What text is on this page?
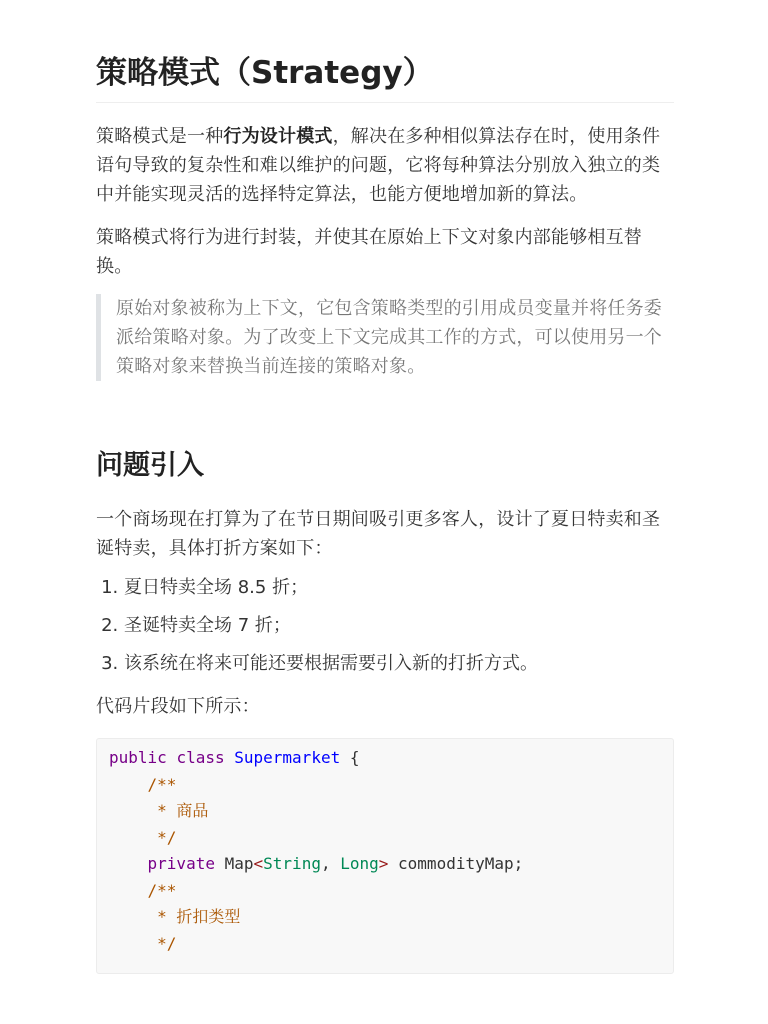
策略模式（Strategy）

策略模式是一种行为设计模式，解决在多种相似算法存在时，使用条件语句导致的复杂性和难以维护的问题，它将每种算法分别放入独立的类中并能实现灵活的选择特定算法，也能方便地增加新的算法。

策略模式将行为进行封装，并使其在原始上下文对象内部能够相互替换。

原始对象被称为上下文，它包含策略类型的引用成员变量并将任务委派给策略对象。为了改变上下文完成其工作的方式，可以使用另一个策略对象来替换当前连接的策略对象。

问题引入

一个商场现在打算为了在节日期间吸引更多客人，设计了夏日特卖和圣诞特卖，具体打折方案如下：

1. 夏日特卖全场 8.5 折；
2. 圣诞特卖全场 7 折；
3. 该系统在将来可能还要根据需要引入新的打折方式。

代码片段如下所示：

public class Supermarket {
/**
* 商品
*/
private Map<String, Long> commodityMap;
/**
* 折扣类型
*/
